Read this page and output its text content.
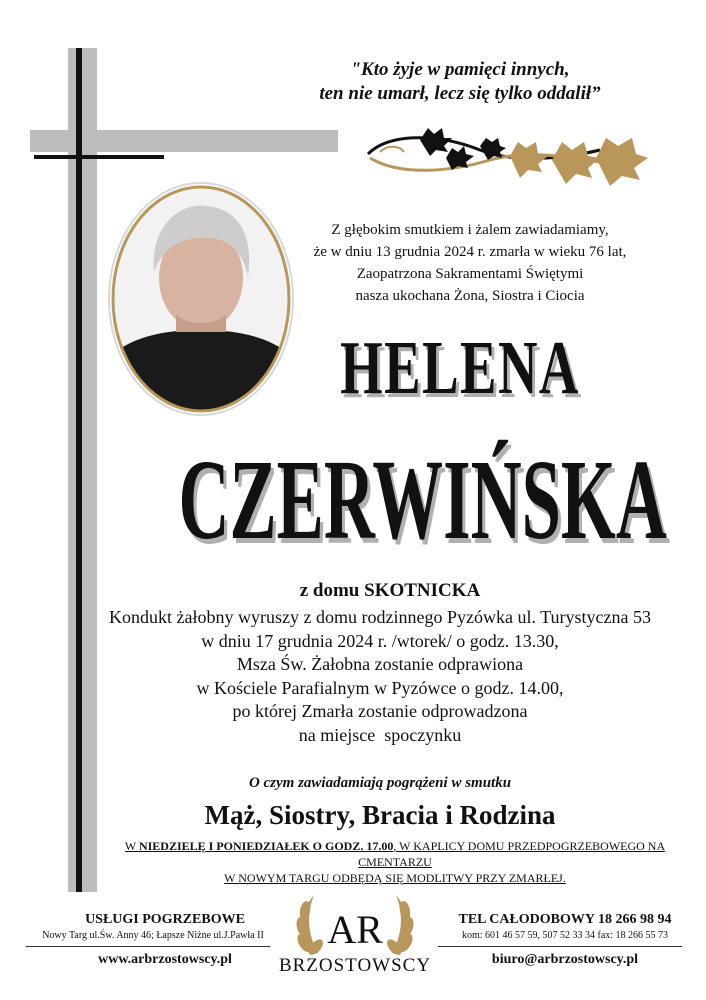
"Kto żyje w pamięci innych,
ten nie umarł, lecz się tylko oddalił”
Z głębokim smutkiem i żalem zawiadamiamy,
że w dniu 13 grudnia 2024 r. zmarła w wieku 76 lat,
Zaopatrzona Sakramentami Świętymi
nasza ukochana Żona, Siostra i Ciocia
HELENA
CZERWIŃSKA
z domu SKOTNICKA
Kondukt żałobny wyruszy z domu rodzinnego Pyzówka ul. Turystyczna 53
w dniu 17 grudnia 2024 r. /wtorek/ o godz. 13.30,
Msza Św. Żałobna zostanie odprawiona
w Kościele Parafialnym w Pyzówce o godz. 14.00,
po której Zmarła zostanie odprowadzona
na miejsce  spoczynku
O czym zawiadamiają pogrążeni w smutku
Mąż, Siostry, Bracia i Rodzina
W NIEDZIELĘ I PONIEDZIAŁEK O GODZ. 17.00, W KAPLICY DOMU PRZEDPOGRZEBOWEGO NA CMENTARZU
W NOWYM TARGU ODBĘDĄ SIĘ MODLITWY PRZY ZMARŁEJ.
USŁUGI POGRZEBOWE
Nowy Targ ul.Św. Anny 46; Łapsze Niżne ul.J.Pawła II
www.arbrzostowscy.pl
AR
BRZOSTOWSCY
TEL CAŁODOBOWY 18 266 98 94
kom: 601 46 57 59, 507 52 33 34 fax: 18 266 55 73
biuro@arbrzostowscy.pl
